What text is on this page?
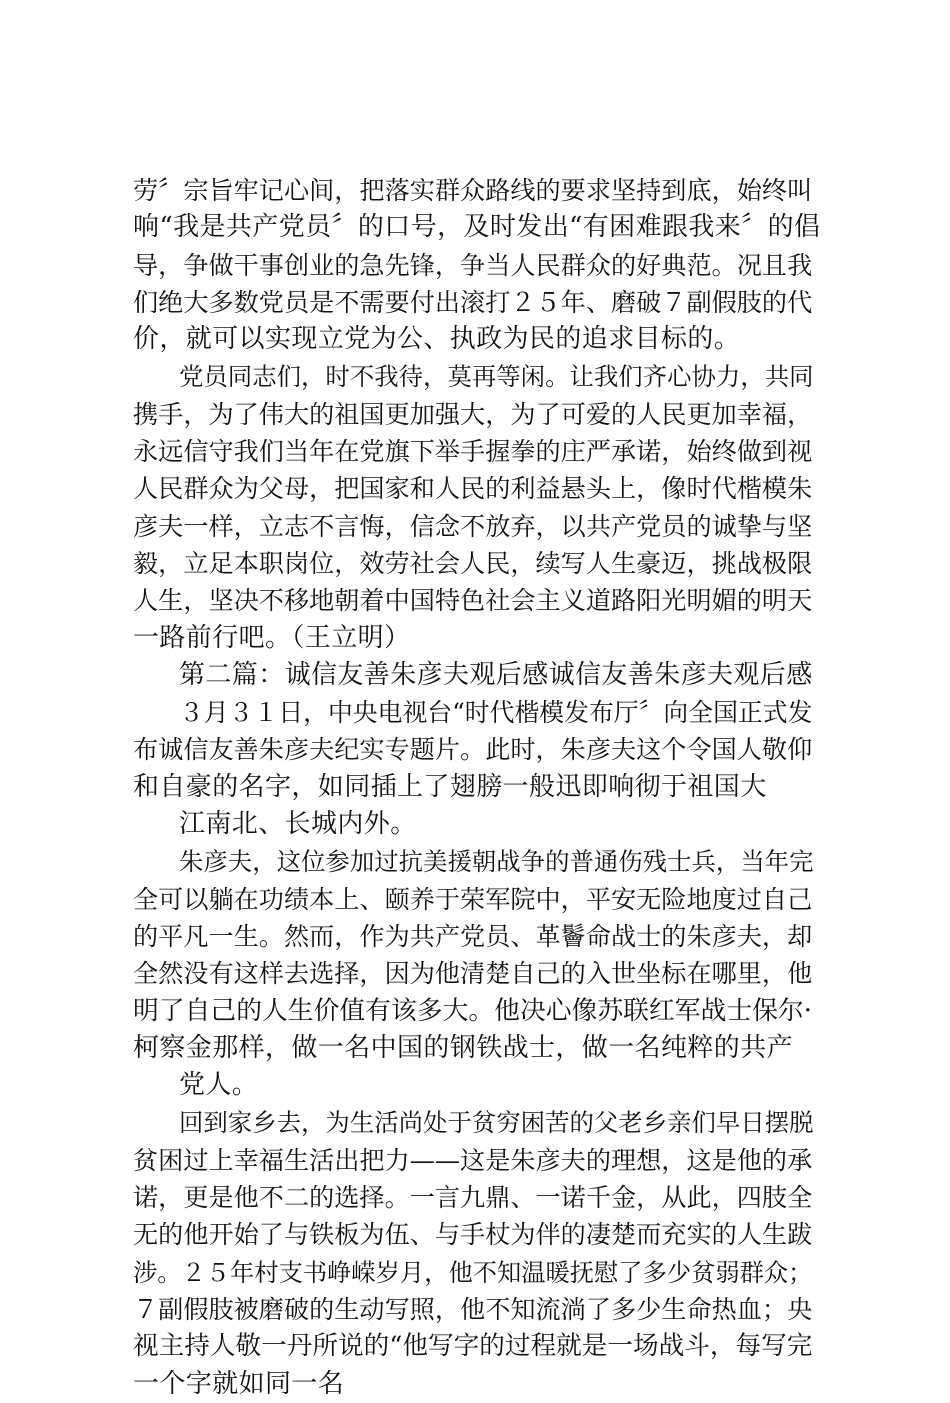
劳〞宗旨牢记心间，把落实群众路线的要求坚持到底，始终叫
响“我是共产党员〞的口号，及时发出“有困难跟我来〞的倡
导，争做干事创业的急先锋，争当人民群众的好典范。况且我
们绝大多数党员是不需要付出滚打２５年、磨破７副假肢的代
价，就可以实现立党为公、执政为民的追求目标的。
党员同志们，时不我待，莫再等闲。让我们齐心协力，共同
携手，为了伟大的祖国更加强大，为了可爱的人民更加幸福，
永远信守我们当年在党旗下举手握拳的庄严承诺，始终做到视
人民群众为父母，把国家和人民的利益悬头上，像时代楷模朱
彦夫一样，立志不言悔，信念不放弃，以共产党员的诚挚与坚
毅，立足本职岗位，效劳社会人民，续写人生豪迈，挑战极限
人生，坚决不移地朝着中国特色社会主义道路阳光明媚的明天
一路前行吧。（王立明）
第二篇：诚信友善朱彦夫观后感诚信友善朱彦夫观后感
３月３１日，中央电视台“时代楷模发布厅〞向全国正式发
布诚信友善朱彦夫纪实专题片。此时，朱彦夫这个令国人敬仰
和自豪的名字，如同插上了翅膀一般迅即响彻于祖国大
江南北、长城内外。
朱彦夫，这位参加过抗美援朝战争的普通伤残士兵，当年完
全可以躺在功绩本上、颐养于荣军院中，平安无险地度过自己
的平凡一生。然而，作为共产党员、革鬠命战士的朱彦夫，却
全然没有这样去选择，因为他清楚自己的入世坐标在哪里，他
明了自己的人生价值有该多大。他决心像苏联红军战士保尔·
柯察金那样，做一名中国的钢铁战士，做一名纯粹的共产
党人。
回到家乡去，为生活尚处于贫穷困苦的父老乡亲们早日摆脱
贫困过上幸福生活出把力——这是朱彦夫的理想，这是他的承
诺，更是他不二的选择。一言九鼎、一诺千金，从此，四肢全
无的他开始了与铁板为伍、与手杖为伴的凄楚而充实的人生跋
涉。２５年村支书峥嵘岁月，他不知温暖抚慰了多少贫弱群众；
７副假肢被磨破的生动写照，他不知流淌了多少生命热血；央
视主持人敬一丹所说的“他写字的过程就是一场战斗，每写完
一个字就如同一名
